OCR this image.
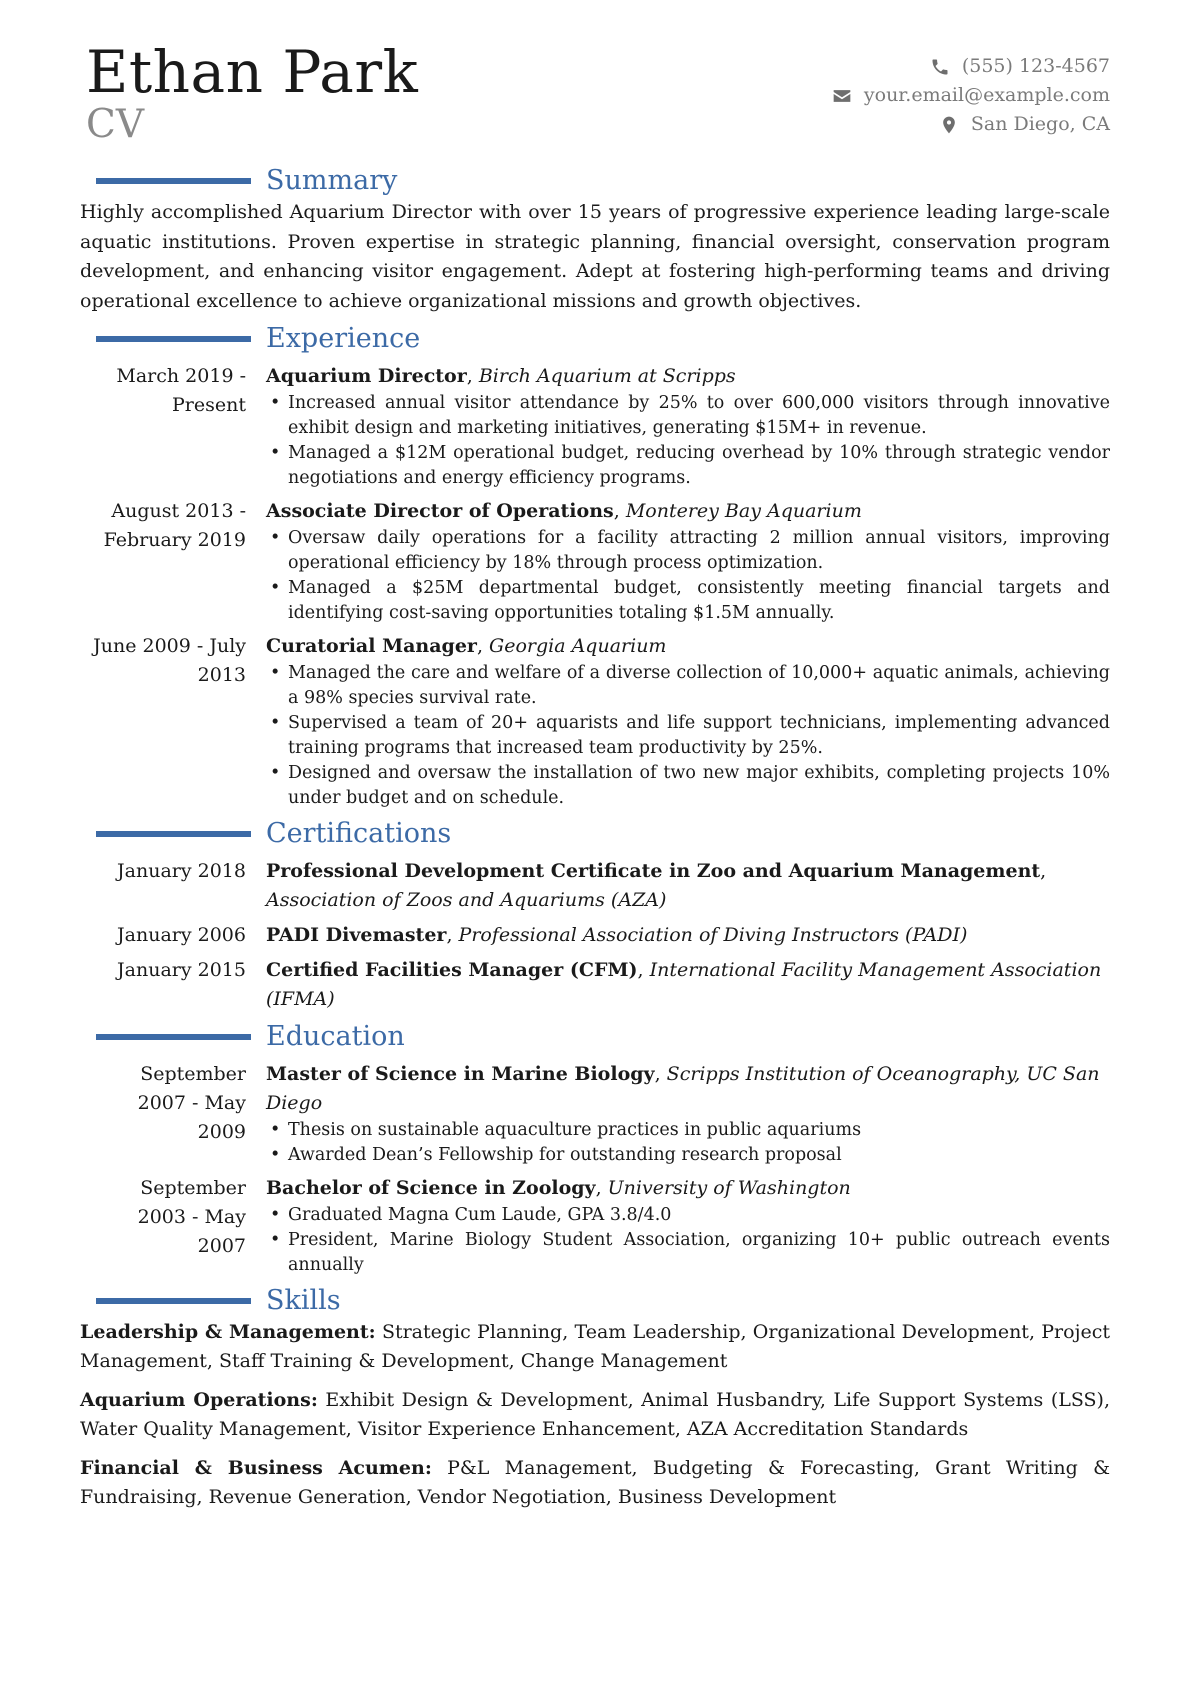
Ethan Park
CV
(555) 123-4567
your.email@example.com
San Diego, CA
Summary

Highly accomplished Aquarium Director with over 15 years of progressive experience leading large-scale aquatic institutions. Proven expertise in strategic planning, financial oversight, conservation program development, and enhancing visitor engagement. Adept at fostering high-performing teams and driving operational excellence to achieve organizational missions and growth objectives.

Experience
March 2019 - Present
Aquarium Director, Birch Aquarium at Scripps
• Increased annual visitor attendance by 25% to over 600,000 visitors through innovative exhibit design and marketing initiatives, generating $15M+ in revenue.
• Managed a $12M operational budget, reducing overhead by 10% through strategic vendor negotiations and energy efficiency programs.
August 2013 - February 2019
Associate Director of Operations, Monterey Bay Aquarium
• Oversaw daily operations for a facility attracting 2 million annual visitors, improving operational efficiency by 18% through process optimization.
• Managed a $25M departmental budget, consistently meeting financial targets and identifying cost-saving opportunities totaling $1.5M annually.
June 2009 - July 2013
Curatorial Manager, Georgia Aquarium
• Managed the care and welfare of a diverse collection of 10,000+ aquatic animals, achieving a 98% species survival rate.
• Supervised a team of 20+ aquarists and life support technicians, implementing advanced training programs that increased team productivity by 25%.
• Designed and oversaw the installation of two new major exhibits, completing projects 10% under budget and on schedule.
Certifications
January 2018	Professional Development Certificate in Zoo and Aquarium Management, Association of Zoos and Aquariums (AZA)
January 2006	PADI Divemaster, Professional Association of Diving Instructors (PADI)
January 2015	Certified Facilities Manager (CFM), International Facility Management Association (IFMA)
Education
September 2007 - May 2009
Master of Science in Marine Biology, Scripps Institution of Oceanography, UC San Diego
• Thesis on sustainable aquaculture practices in public aquariums
• Awarded Dean’s Fellowship for outstanding research proposal
September 2003 - May 2007
Bachelor of Science in Zoology, University of Washington
• Graduated Magna Cum Laude, GPA 3.8/4.0
• President, Marine Biology Student Association, organizing 10+ public outreach events annually
Skills

Leadership & Management: Strategic Planning, Team Leadership, Organizational Development, Project Management, Staff Training & Development, Change Management

Aquarium Operations: Exhibit Design & Development, Animal Husbandry, Life Support Systems (LSS), Water Quality Management, Visitor Experience Enhancement, AZA Accreditation Standards

Financial & Business Acumen: P&L Management, Budgeting & Forecasting, Grant Writing & Fundraising, Revenue Generation, Vendor Negotiation, Business Development
